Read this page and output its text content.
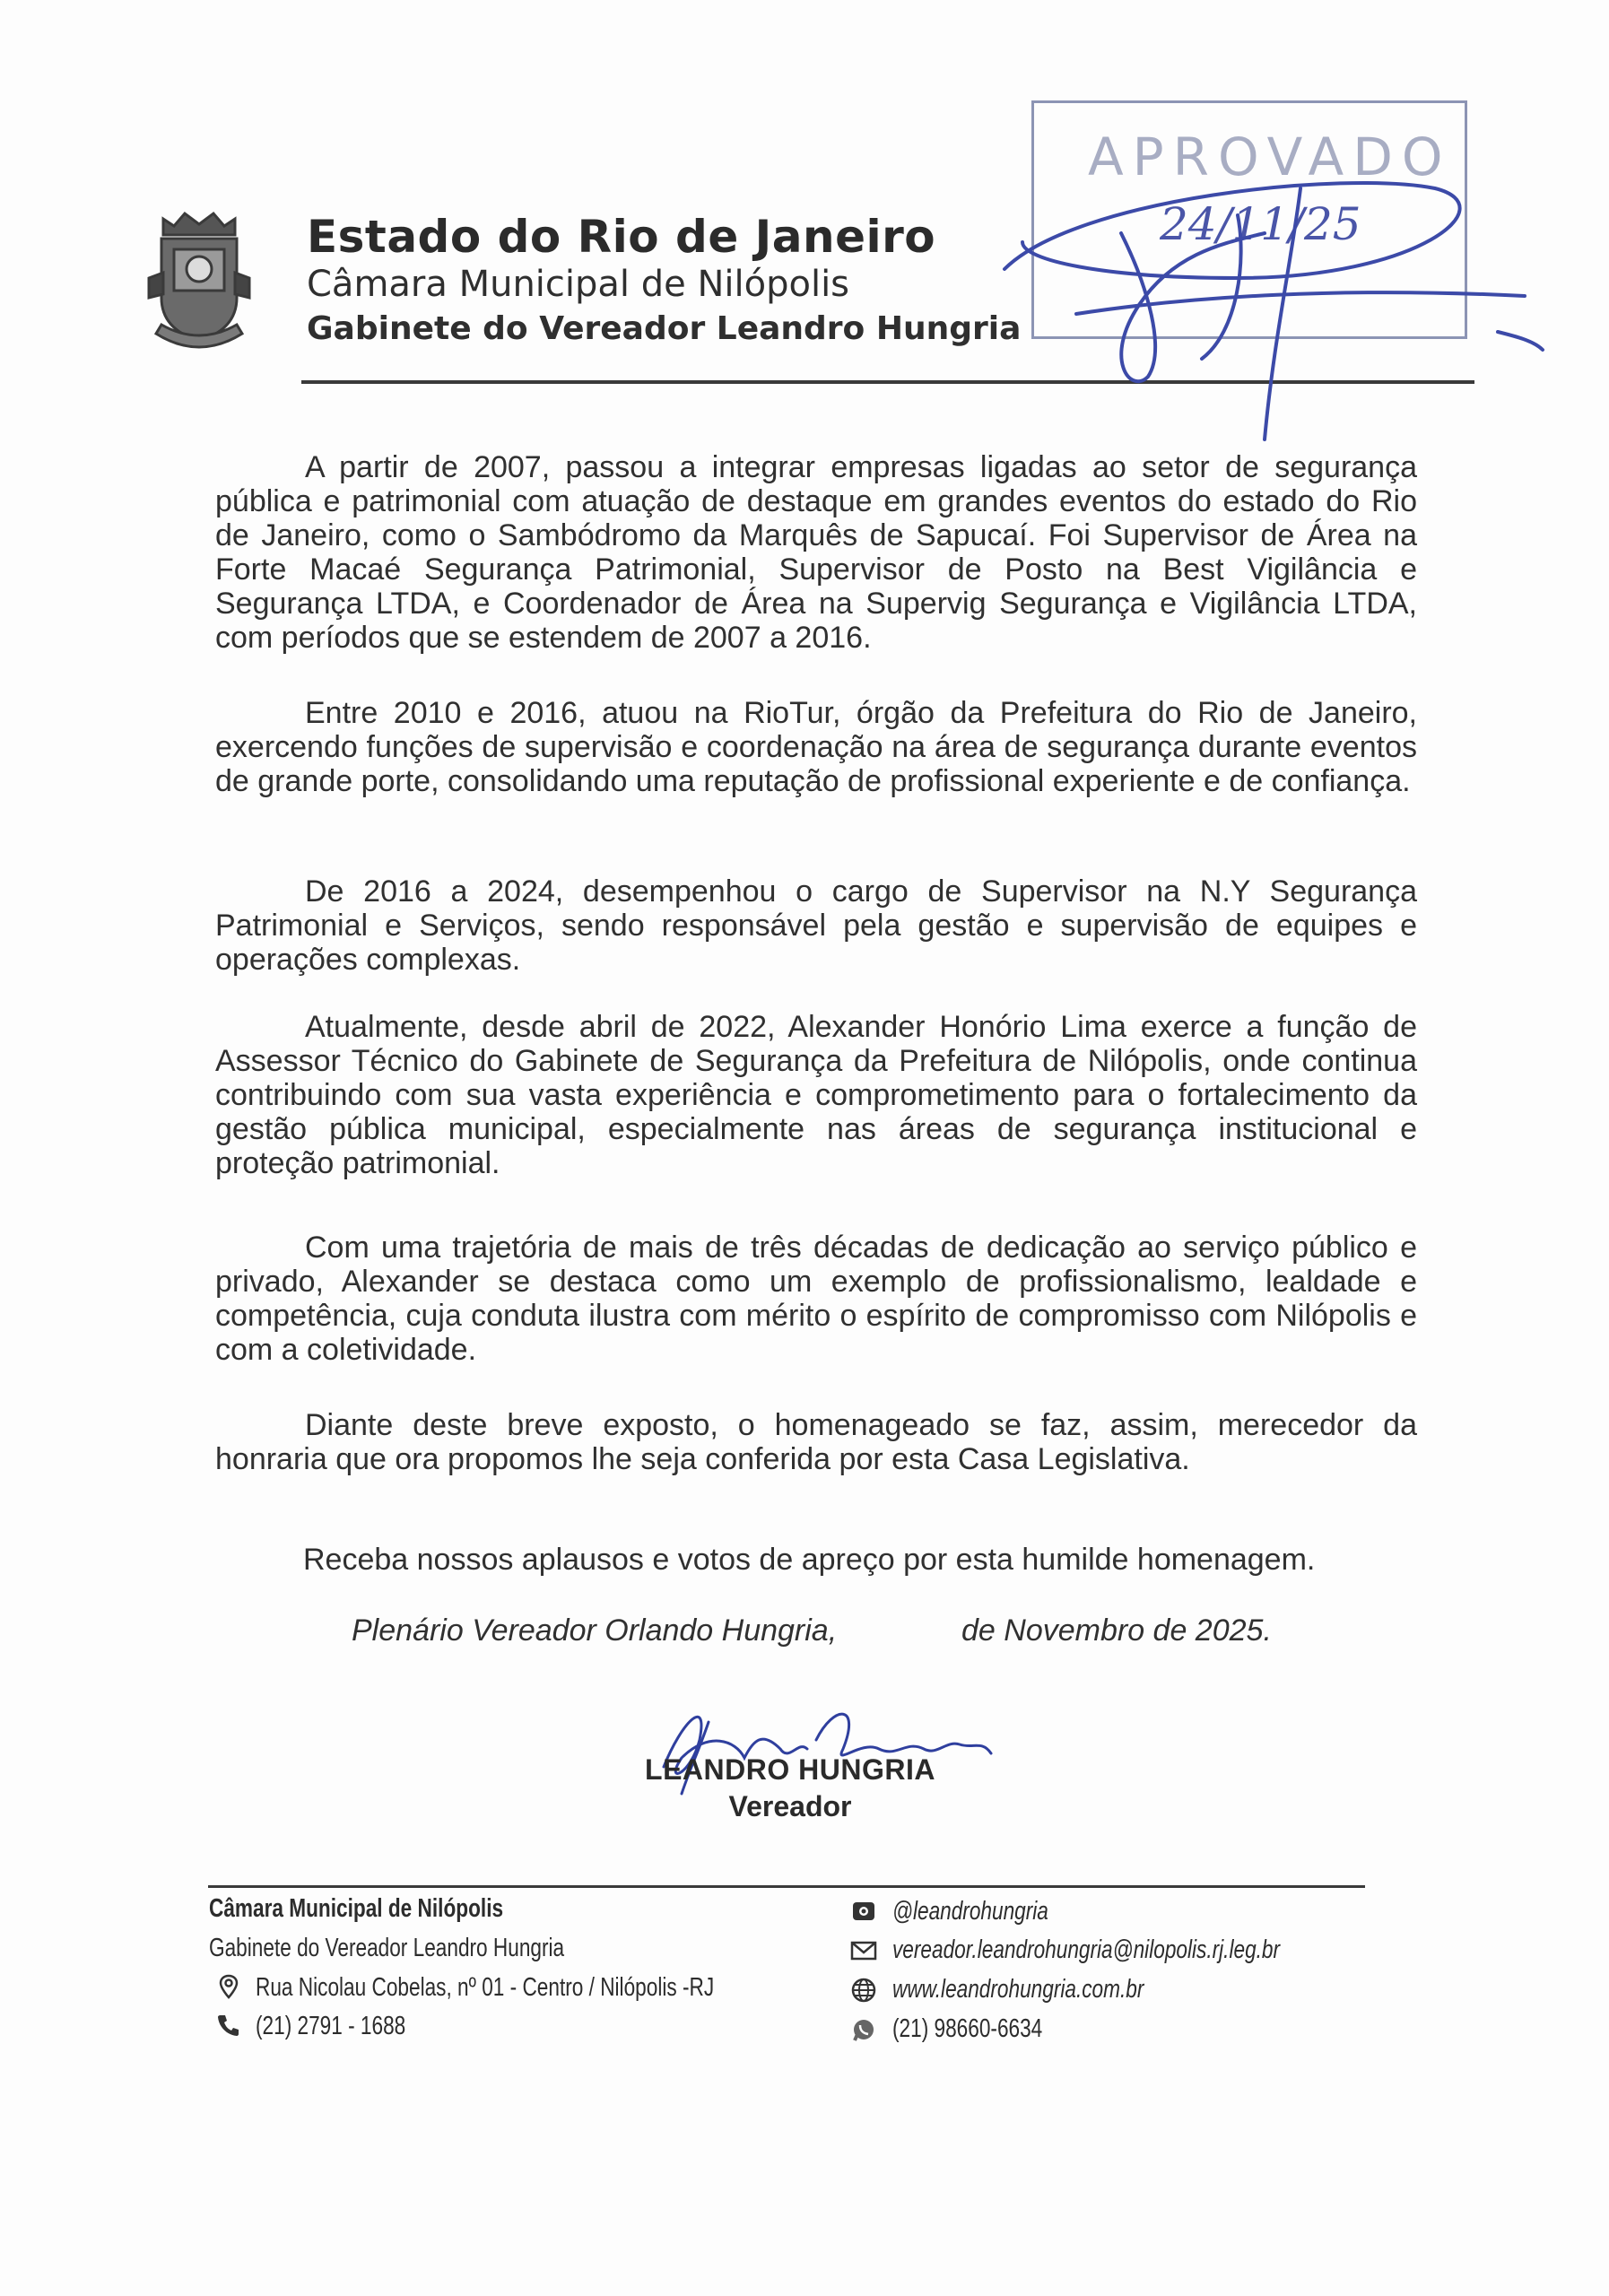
Estado do Rio de Janeiro
Câmara Municipal de Nilópolis
Gabinete do Vereador Leandro Hungria
APROVADO
24/11/25

A partir de 2007, passou a integrar empresas ligadas ao setor de segurança pública e patrimonial com atuação de destaque em grandes eventos do estado do Rio de Janeiro, como o Sambódromo da Marquês de Sapucaí. Foi Supervisor de Área na Forte Macaé Segurança Patrimonial, Supervisor de Posto na Best Vigilância e Segurança LTDA, e Coordenador de Área na Supervig Segurança e Vigilância LTDA, com períodos que se estendem de 2007 a 2016.

Entre 2010 e 2016, atuou na RioTur, órgão da Prefeitura do Rio de Janeiro, exercendo funções de supervisão e coordenação na área de segurança durante eventos de grande porte, consolidando uma reputação de profissional experiente e de confiança.

De 2016 a 2024, desempenhou o cargo de Supervisor na N.Y Segurança Patrimonial e Serviços, sendo responsável pela gestão e supervisão de equipes e operações complexas.

Atualmente, desde abril de 2022, Alexander Honório Lima exerce a função de Assessor Técnico do Gabinete de Segurança da Prefeitura de Nilópolis, onde continua contribuindo com sua vasta experiência e comprometimento para o fortalecimento da gestão pública municipal, especialmente nas áreas de segurança institucional e proteção patrimonial.

Com uma trajetória de mais de três décadas de dedicação ao serviço público e privado, Alexander se destaca como um exemplo de profissionalismo, lealdade e competência, cuja conduta ilustra com mérito o espírito de compromisso com Nilópolis e com a coletividade.

Diante deste breve exposto, o homenageado se faz, assim, merecedor da honraria que ora propomos lhe seja conferida por esta Casa Legislativa.

Receba nossos aplausos e votos de apreço por esta humilde homenagem.
Plenário Vereador Orlando Hungria,	de Novembro de 2025.
LEANDRO HUNGRIA
Vereador
Câmara Municipal de Nilópolis
Gabinete do Vereador Leandro Hungria
Rua Nicolau Cobelas, nº 01 - Centro / Nilópolis -RJ
(21) 2791 - 1688
@leandrohungria
vereador.leandrohungria@nilopolis.rj.leg.br
www.leandrohungria.com.br
(21) 98660-6634
